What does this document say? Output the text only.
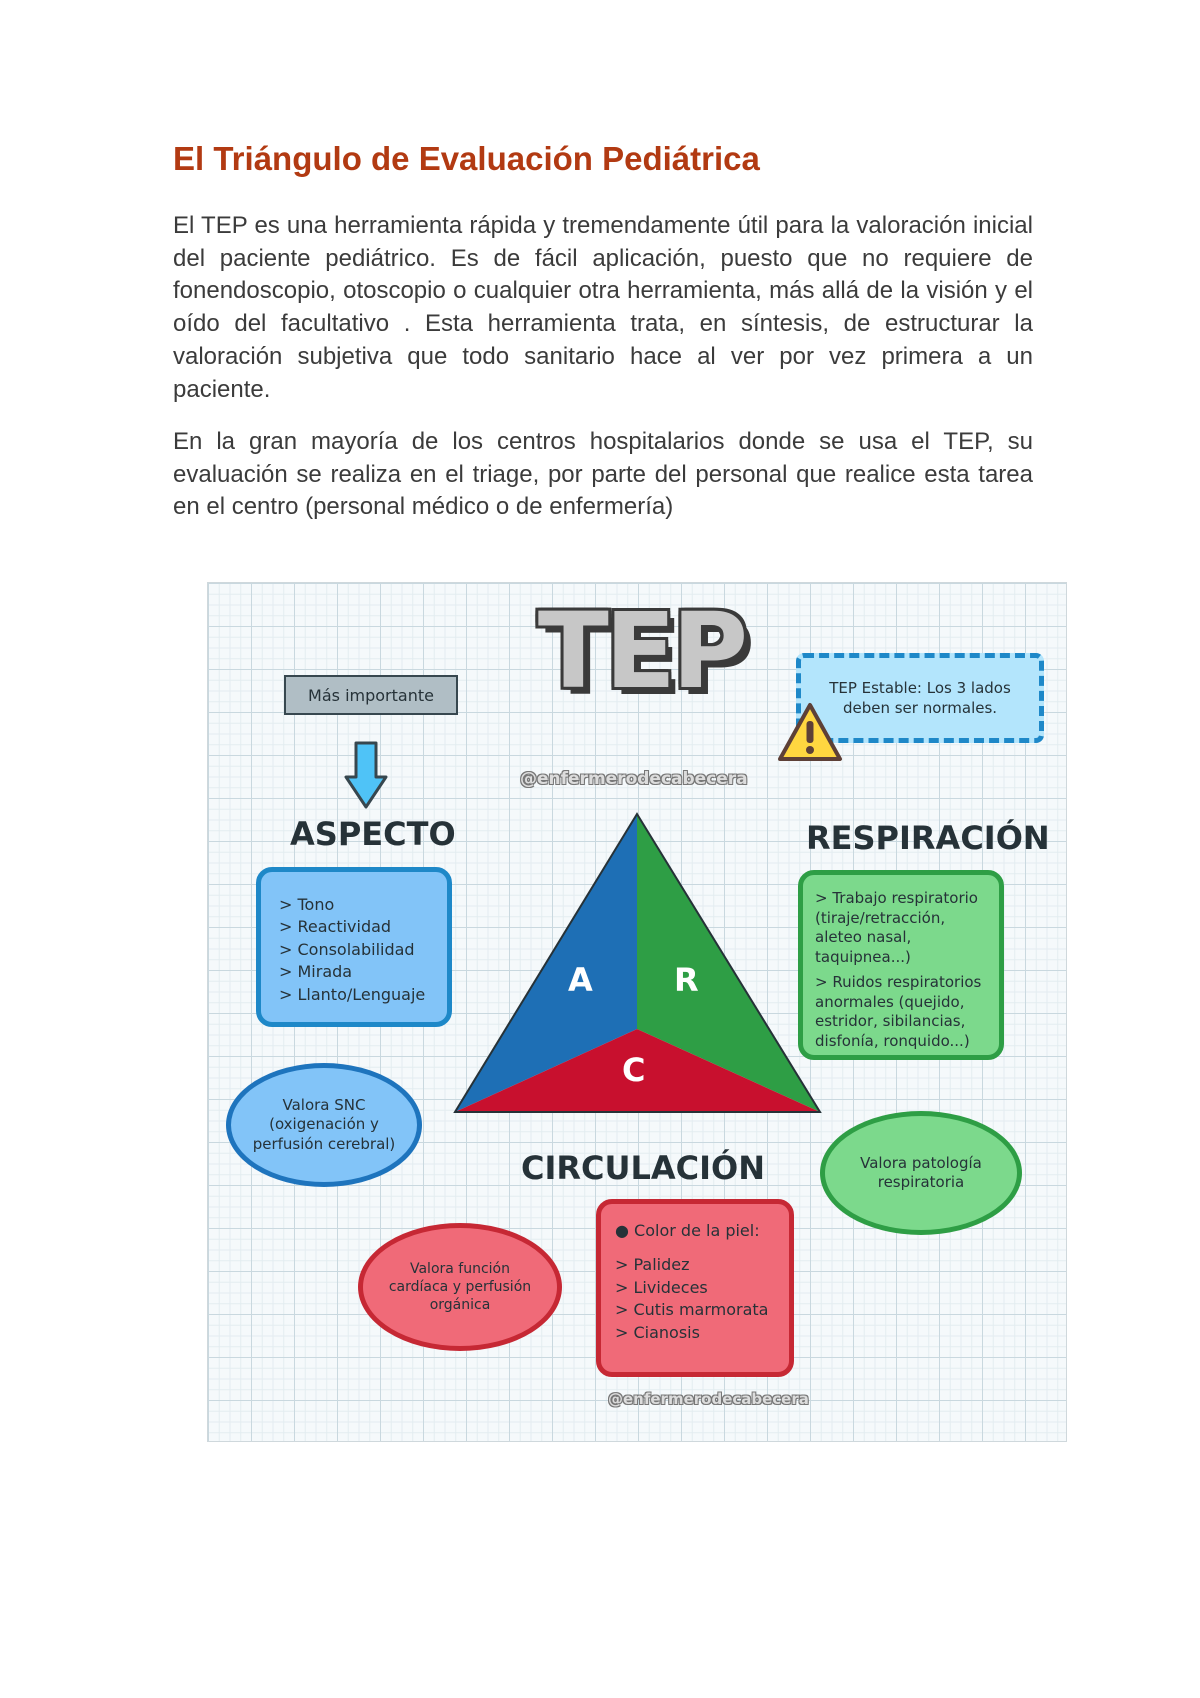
El Triángulo de Evaluación Pediátrica

El TEP es una herramienta rápida y tremendamente útil para la valoración inicial del paciente pediátrico. Es de fácil aplicación, puesto que no requiere de fonendoscopio, otoscopio o cualquier otra herramienta, más allá de la visión y el oído del facultativo . Esta herramienta trata, en síntesis, de estructurar la valoración subjetiva que todo sanitario hace al ver por vez primera a un paciente.

En la gran mayoría de los centros hospitalarios donde se usa el TEP, su evaluación se realiza en el triage, por parte del personal que realice esta tarea en el centro (personal médico o de enfermería)

TEP
@enfermerodecabecera
Más importante	TEP Estable: Los 3 lados deben ser normales.
ASPECTO	RESPIRACIÓN
CIRCULACIÓN
A	R
C
> Tono
> Reactividad
> Consolabilidad
> Mirada
> Llanto/Lenguaje
> Trabajo respiratorio (tiraje/retracción, aleteo nasal, taquipnea...)
> Ruidos respiratorios anormales (quejido, estridor, sibilancias, disfonía, ronquido...)
● Color de la piel:
> Palidez
> Livideces
> Cutis marmorata
> Cianosis
Valora SNC (oxigenación y perfusión cerebral)
Valora patología respiratoria
Valora función cardíaca y perfusión orgánica
@enfermerodecabecera
